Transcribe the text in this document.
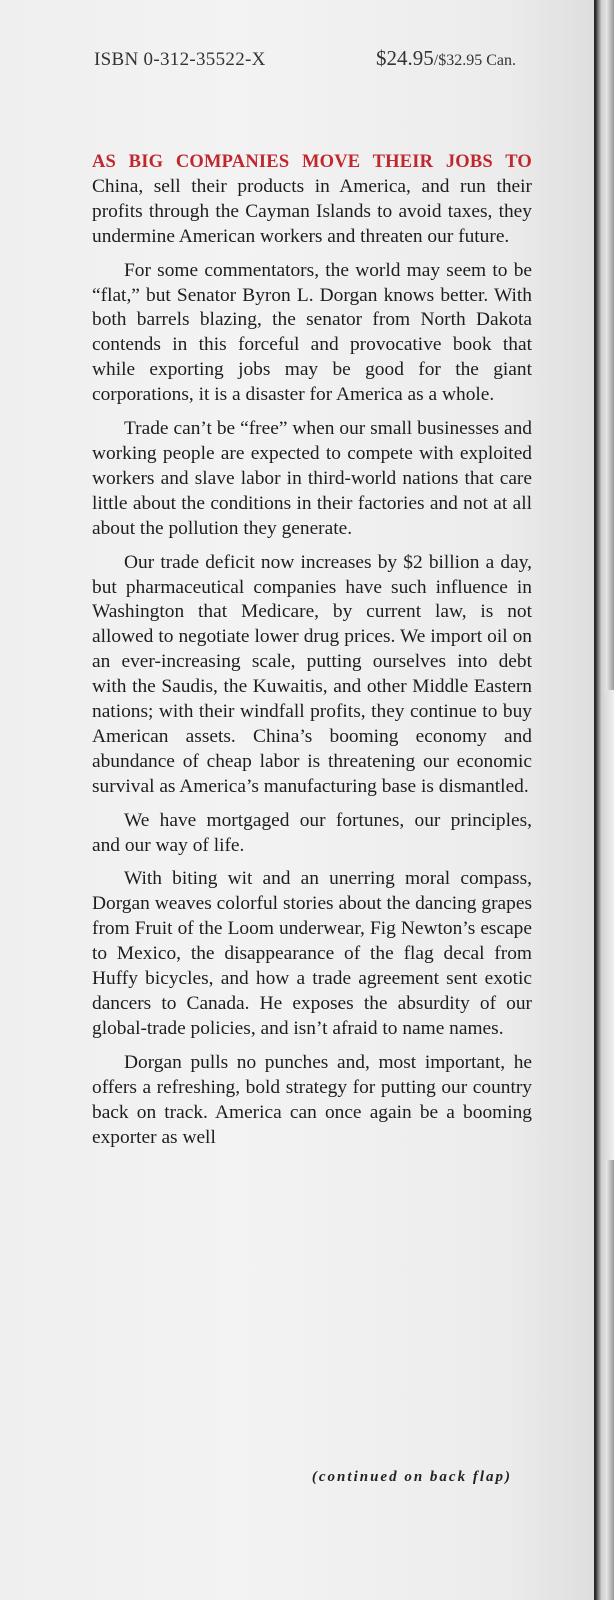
ISBN 0-312-35522-X	$24.95/$32.95 Can.

AS BIG COMPANIES MOVE THEIR JOBS TO China, sell their products in America, and run their profits through the Cayman Islands to avoid taxes, they undermine American workers and threaten our future.

For some commentators, the world may seem to be “flat,” but Senator Byron L. Dorgan knows better. With both barrels blazing, the senator from North Dakota contends in this forceful and provocative book that while exporting jobs may be good for the giant corporations, it is a disaster for America as a whole.

Trade can’t be “free” when our small businesses and working people are expected to compete with exploited workers and slave labor in third-world nations that care little about the conditions in their factories and not at all about the pollution they generate.

Our trade deficit now increases by $2 billion a day, but pharmaceutical companies have such influence in Washington that Medicare, by current law, is not allowed to negotiate lower drug prices. We import oil on an ever-increasing scale, putting ourselves into debt with the Saudis, the Kuwaitis, and other Middle Eastern nations; with their windfall profits, they continue to buy American assets. China’s booming economy and abundance of cheap labor is threatening our economic survival as America’s manufacturing base is dismantled.

We have mortgaged our fortunes, our principles, and our way of life.

With biting wit and an unerring moral compass, Dorgan weaves colorful stories about the dancing grapes from Fruit of the Loom underwear, Fig Newton’s escape to Mexico, the disappearance of the flag decal from Huffy bicycles, and how a trade agreement sent exotic dancers to Canada. He exposes the absurdity of our global-trade policies, and isn’t afraid to name names.

Dorgan pulls no punches and, most important, he offers a refreshing, bold strategy for putting our country back on track. America can once again be a booming exporter as well

(continued on back flap)
